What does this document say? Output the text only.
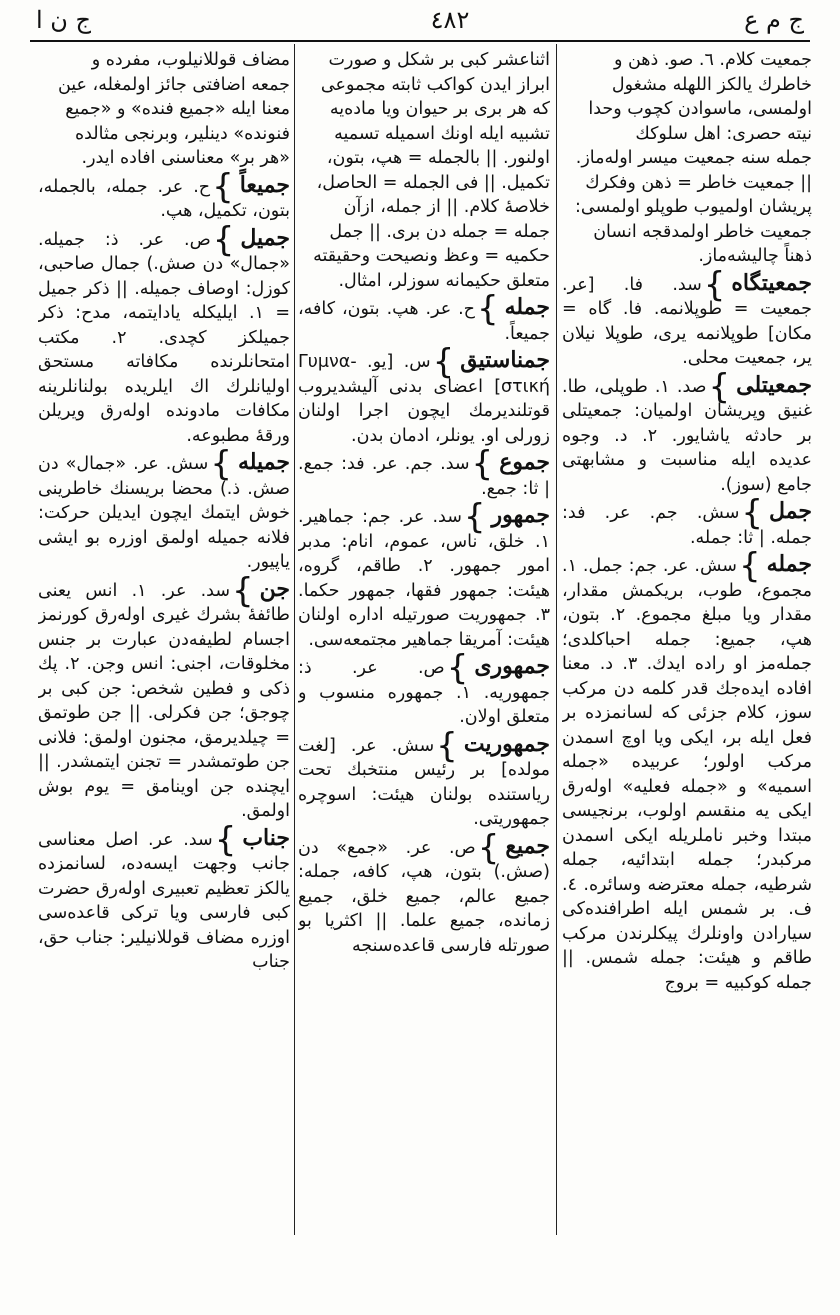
ج ن ا	٤٨٢	ج م ع
جمعیت کلام. ٦. صو. ذهن و
خاطرك يالكز اللهله مشغول
اولمسی، ماسوادن كچوب وحدا
نيته حصری: اهل سلوكك
جمله سنه جمعیت میسر اوله‌ماز.
|| جمعیت خاطر = ذهن وفكرك
پريشان اولمیوب طوپلو اولمسی:
جمعیت خاطر اولمدقجه انسان
ذهناً چالیشه‌ماز.
جمعیتگاه}سد. فا. [عر. جمعیت = طوپلانمه. فا. گاه = مكان] طوپلانمه یری، طوپلا نیلان یر، جمعیت محلی.
جمعیتلی}صد. ١. طوپلی، طا. غنيق وپريشان اولمیان: جمعیتلی بر حادثه یاشایور. ٢. د. وجوه عديده ایله مناسبت و مشابهتی جامع (سوز).
جمل}سش. جم. عر. فد: جمله. | ثا: جمله.
جمله}سش. عر. جم: جمل. ١. مجموع، طوب، بریكمش مقدار، مقدار ویا مبلغ مجموع. ٢. بتون، هپ، جمیع: جمله احباكلدی؛ جمله‌مز او راده ایدك. ٣. د. معنا افاده ایده‌جك قدر كلمه دن مركب سوز، كلام جزئی كه لسانمزده بر فعل ایله بر، ایكی ویا اوچ اسمدن مركب اولور؛ عربیده «جمله اسمیه» و «جمله فعلیه» اوله‌رق ایكی یه منقسم اولوب، برنجیسی مبتدا وخبر ناملریله ایكی اسمدن مركبدر؛ جمله ابتدائیه، جمله شرطیه، جمله معترضه وسائره. ٤. ف. بر شمس ایله اطرافنده‌كی سیارادن واونلرك پیكلرندن مركب طاقم و هیئت: جمله شمس. || جمله كوكبیه = بروج
اثناعشر كبی بر شكل و صورت
ابراز ایدن كواكب ثابته مجموعی
كه هر بری بر حیوان ویا ماده‌یه
تشبیه ایله اونك اسمیله تسمیه
اولنور. || بالجمله = هپ، بتون،
تكمیل. || فی الجمله = الحاصل،
خلاصهٔ كلام. || از جمله، ازآن
جمله = جمله دن بری. || جمل
حكمیه = وعظ ونصیحت وحقیقته
متعلق حكیمانه سوزلر، امثال.
جمله}ح. عر. هپ. بتون، كافه، جمیعاً.
جمناستیق}س. [یو. Γυμνα-στική] اعضای بدنی آلیشدیروب قوتلندیرمك ایچون اجرا اولنان زورلی او. یونلر، ادمان بدن.
جموع}سد. جم. عر. فد: جمع. | ثا: جمع.
جمهور}سد. عر. جم: جماهیر. ١. خلق، ناس، عموم، انام: مدبر امور جمهور. ٢. طاقم، گروه، هیئت: جمهور فقها، جمهور حكما. ٣. جمهوریت صورتیله اداره اولنان هیئت: آمریقا جماهیر مجتمعه‌سی.
جمهوری}ص. عر. ذ: جمهوریه. ١. جمهوره منسوب و متعلق اولان.
جمهوریت}سش. عر. [لغت مولده] بر رئیس منتخبك تحت ریاستنده بولنان هیئت: اسوچره جمهوریتی.
جمیع}ص. عر. «جمع» دن (صش.) بتون، هپ، كافه، جمله: جمیع عالم، جمیع خلق، جمیع زمانده، جمیع علما. || اكثریا بو صورتله فارسی قاعده‌سنجه
مضاف قوللانیلوب، مفرده و
جمعه اضافتی جائز اولمغله، عین
معنا ایله «جمیع فنده» و «جمیع
فنونده» دینلیر، وبرنجی مثالده
«هر بر» معناسنی افاده ایدر.
جمیعاً}ح. عر. جمله، بالجمله، بتون، تكمیل، هپ.
جمیل}ص. عر. ذ: جمیله. «جمال» دن صش.) جمال صاحبی، كوزل: اوصاف جمیله. || ذكر جمیل = ١. ایلیكله یادایتمه، مدح: ذكر جمیلكز كچدی. ٢. مكتب امتحانلرنده مكافاته مستحق اولیانلرك اك ایلریده بولنانلرینه مكافات مادونده اوله‌رق ویریلن ورقهٔ مطبوعه.
جمیله}سش. عر. «جمال» دن صش. ذ.) محضا بریسنك خاطرینی خوش ایتمك ایچون ایدیلن حركت: فلانه جمیله اولمق اوزره بو ایشی یاپیور.
جن}سد. عر. ١. انس یعنی طائفهٔ بشرك غیری اوله‌رق كورنمز اجسام لطیفه‌دن عبارت بر جنس مخلوقات، اجنی: انس وجن. ٢. پك ذكی و فطین شخص: جن كبی بر چوجق؛ جن فكرلی. || جن طوتمق = چیلدیرمق، مجنون اولمق: فلانی جن طوتمشدر = تجنن ایتمشدر. || ایچنده جن اوینامق = یوم بوش اولمق.
جناب}سد. عر. اصل معناسی جانب وجهت ایسه‌ده، لسانمزده یالكز تعظیم تعبیری اوله‌رق حضرت كبی فارسی ویا تركی قاعده‌سی اوزره مضاف قوللانیلیر: جناب حق، جناب
